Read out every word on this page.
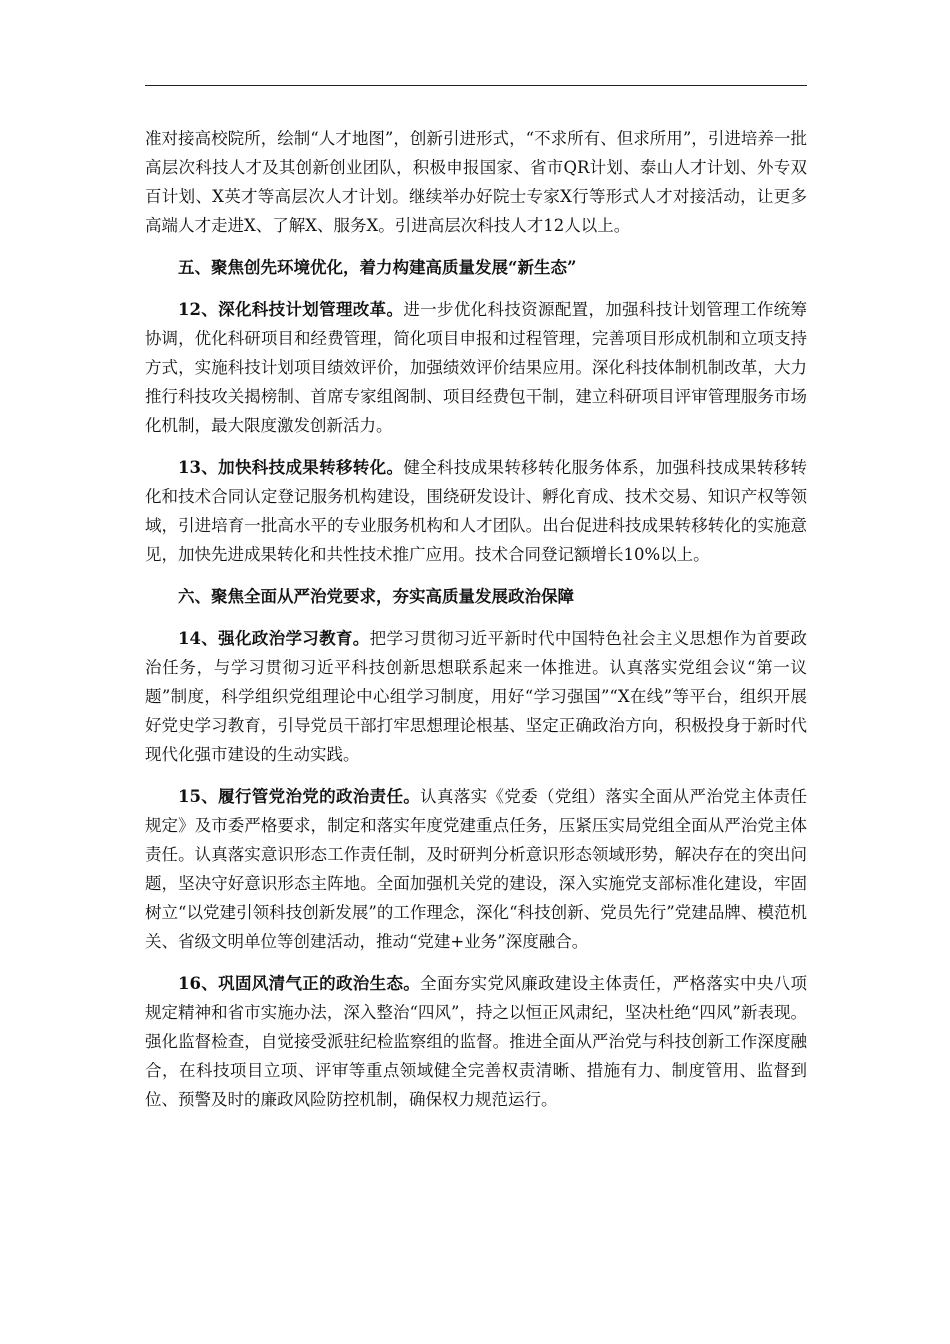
准对接高校院所，绘制“人才地图”，创新引进形式，“不求所有、但求所用”，引进培养一批高层次科技人才及其创新创业团队，积极申报国家、省市QR计划、泰山人才计划、外专双百计划、X英才等高层次人才计划。继续举办好院士专家X行等形式人才对接活动，让更多高端人才走进X、了解X、服务X。引进高层次科技人才12人以上。

五、聚焦创先环境优化，着力构建高质量发展“新生态”

12、深化科技计划管理改革。进一步优化科技资源配置，加强科技计划管理工作统筹协调，优化科研项目和经费管理，简化项目申报和过程管理，完善项目形成机制和立项支持方式，实施科技计划项目绩效评价，加强绩效评价结果应用。深化科技体制机制改革，大力推行科技攻关揭榜制、首席专家组阁制、项目经费包干制，建立科研项目评审管理服务市场化机制，最大限度激发创新活力。

13、加快科技成果转移转化。健全科技成果转移转化服务体系，加强科技成果转移转化和技术合同认定登记服务机构建设，围绕研发设计、孵化育成、技术交易、知识产权等领域，引进培育一批高水平的专业服务机构和人才团队。出台促进科技成果转移转化的实施意见，加快先进成果转化和共性技术推广应用。技术合同登记额增长10%以上。

六、聚焦全面从严治党要求，夯实高质量发展政治保障

14、强化政治学习教育。把学习贯彻习近平新时代中国特色社会主义思想作为首要政治任务，与学习贯彻习近平科技创新思想联系起来一体推进。认真落实党组会议“第一议题”制度，科学组织党组理论中心组学习制度，用好“学习强国”“X在线”等平台，组织开展好党史学习教育，引导党员干部打牢思想理论根基、坚定正确政治方向，积极投身于新时代现代化强市建设的生动实践。

15、履行管党治党的政治责任。认真落实《党委（党组）落实全面从严治党主体责任规定》及市委严格要求，制定和落实年度党建重点任务，压紧压实局党组全面从严治党主体责任。认真落实意识形态工作责任制，及时研判分析意识形态领域形势，解决存在的突出问题，坚决守好意识形态主阵地。全面加强机关党的建设，深入实施党支部标准化建设，牢固树立“以党建引领科技创新发展”的工作理念，深化“科技创新、党员先行”党建品牌、模范机关、省级文明单位等创建活动，推动“党建+业务”深度融合。

16、巩固风清气正的政治生态。全面夯实党风廉政建设主体责任，严格落实中央八项规定精神和省市实施办法，深入整治“四风”，持之以恒正风肃纪，坚决杜绝“四风”新表现。强化监督检查，自觉接受派驻纪检监察组的监督。推进全面从严治党与科技创新工作深度融合，在科技项目立项、评审等重点领域健全完善权责清晰、措施有力、制度管用、监督到位、预警及时的廉政风险防控机制，确保权力规范运行。
